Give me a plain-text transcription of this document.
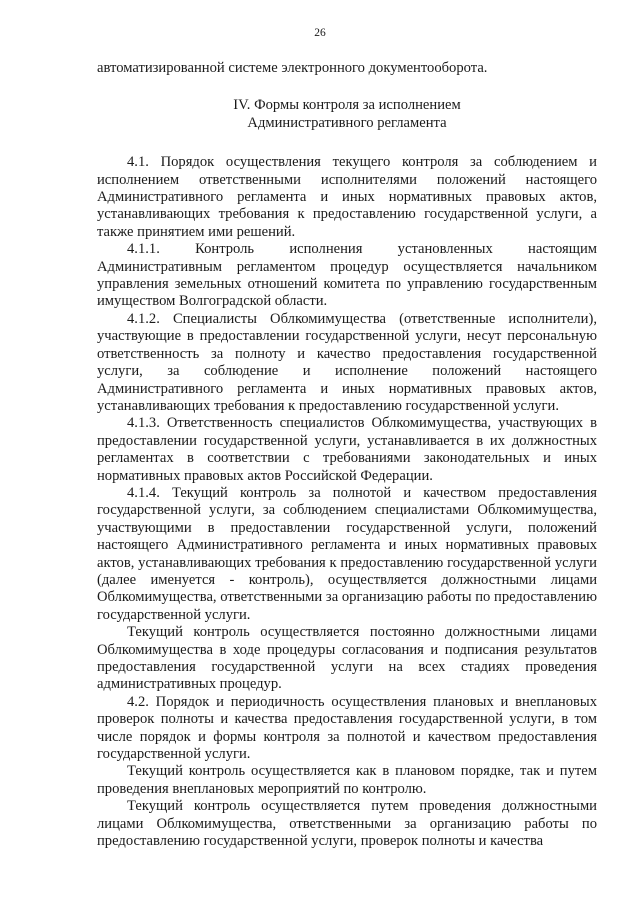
26

автоматизированной системе электронного документооборота.

IV. Формы контроля за исполнением
Административного регламента

4.1. Порядок осуществления текущего контроля за соблюдением и исполнением ответственными исполнителями положений настоящего Административного регламента и иных нормативных правовых актов, устанавливающих требования к предоставлению государственной услуги, а также принятием ими решений.

4.1.1. Контроль исполнения установленных настоящим Административным регламентом процедур осуществляется начальником управления земельных отношений комитета по управлению государственным имуществом Волгоградской области.

4.1.2. Специалисты Облкомимущества (ответственные исполнители), участвующие в предоставлении государственной услуги, несут персональную ответственность за полноту и качество предоставления государственной услуги, за соблюдение и исполнение положений настоящего Административного регламента и иных нормативных правовых актов, устанавливающих требования к предоставлению государственной услуги.

4.1.3. Ответственность специалистов Облкомимущества, участвующих в предоставлении государственной услуги, устанавливается в их должностных регламентах в соответствии с требованиями законодательных и иных нормативных правовых актов Российской Федерации.

4.1.4. Текущий контроль за полнотой и качеством предоставления государственной услуги, за соблюдением специалистами Облкомимущества, участвующими в предоставлении государственной услуги, положений настоящего Административного регламента и иных нормативных правовых актов, устанавливающих требования к предоставлению государственной услуги (далее именуется - контроль), осуществляется должностными лицами Облкомимущества, ответственными за организацию работы по предоставлению государственной услуги.

Текущий контроль осуществляется постоянно должностными лицами Облкомимущества в ходе процедуры согласования и подписания результатов предоставления государственной услуги на всех стадиях проведения административных процедур.

4.2. Порядок и периодичность осуществления плановых и внеплановых проверок полноты и качества предоставления государственной услуги, в том числе порядок и формы контроля за полнотой и качеством предоставления государственной услуги.

Текущий контроль осуществляется как в плановом порядке, так и путем проведения внеплановых мероприятий по контролю.

Текущий контроль осуществляется путем проведения должностными лицами Облкомимущества, ответственными за организацию работы по предоставлению государственной услуги, проверок полноты и качества
